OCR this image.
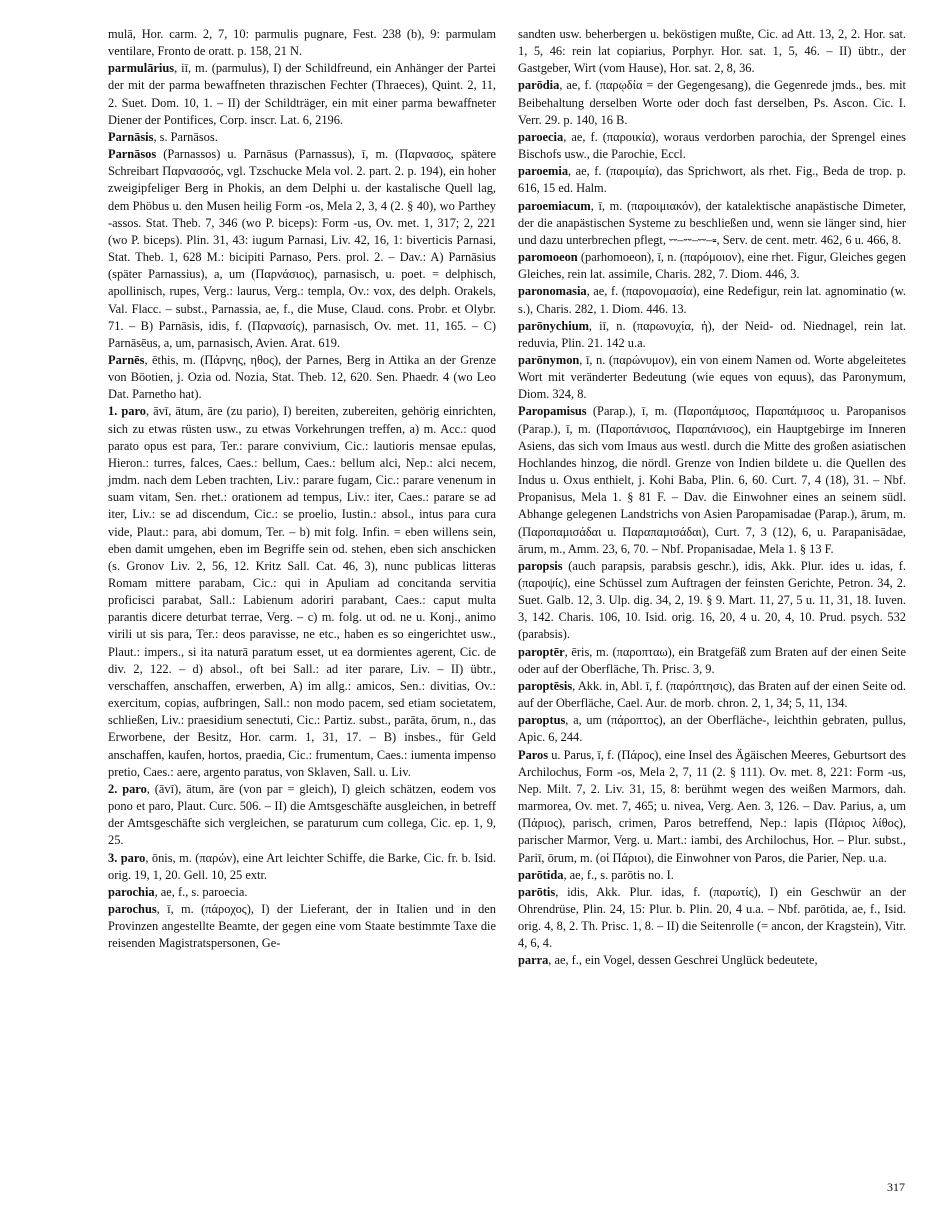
mulā, Hor. carm. 2, 7, 10: parmulis pugnare, Fest. 238 (b), 9: parmulam ventilare, Fronto de oratt. p. 158, 21 N.

parmulārius, iī, m. (parmulus), I) der Schildfreund, ein Anhänger der Partei der mit der parma bewaffneten thrazischen Fechter (Thraeces), Quint. 2, 11, 2. Suet. Dom. 10, 1. – II) der Schildträger, ein mit einer parma bewaffneter Diener der Pontifices, Corp. inscr. Lat. 6, 2196.

Parnāsis, s. Parnāsos.

Parnāsos (Parnassos) u. Parnāsus (Parnassus), ī, m. (Παρνασος, spätere Schreibart Παρνασσός, vgl. Tzschucke Mela vol. 2. part. 2. p. 194), ein hoher zweigipfeliger Berg in Phokis, an dem Delphi u. der kastalische Quell lag, dem Phöbus u. den Musen heilig Form -os, Mela 2, 3, 4 (2. § 40), wo Parthey -assos. Stat. Theb. 7, 346 (wo P. biceps): Form -us, Ov. met. 1, 317; 2, 221 (wo P. biceps). Plin. 31, 43: iugum Parnasi, Liv. 42, 16, 1: biverticis Parnasi, Stat. Theb. 1, 628 M.: bicipiti Parnaso, Pers. prol. 2. – Dav.: A) Parnāsius (später Parnassius), a, um (Παρνάσιος), parnasisch, u. poet. = delphisch, apollinisch, rupes, Verg.: laurus, Verg.: templa, Ov.: vox, des delph. Orakels, Val. Flacc. – subst., Parnassia, ae, f., die Muse, Claud. cons. Probr. et Olybr. 71. – B) Parnāsis, idis, f. (Παρνασίς), parnasisch, Ov. met. 11, 165. – C) Parnāsēus, a, um, parnasisch, Avien. Arat. 619.

Parnēs, ēthis, m. (Πάρνης, ηθος), der Parnes, Berg in Attika an der Grenze von Böotien, j. Ozia od. Nozia, Stat. Theb. 12, 620. Sen. Phaedr. 4 (wo Leo Dat. Parnetho hat).

1. paro, āvī, ātum, āre (zu pario), I) bereiten, zubereiten, gehörig einrichten, sich zu etwas rüsten usw., zu etwas Vorkehrungen treffen, a) m. Acc.: quod parato opus est para, Ter.: parare convivium, Cic.: lautioris mensae epulas, Hieron.: turres, falces, Caes.: bellum, Caes.: bellum alci, Nep.: alci necem, jmdm. nach dem Leben trachten, Liv.: parare fugam, Cic.: parare venenum in suam vitam, Sen. rhet.: orationem ad tempus, Liv.: iter, Caes.: parare se ad iter, Liv.: se ad discendum, Cic.: se proelio, Iustin.: absol., intus para cura vide, Plaut.: para, abi domum, Ter. – b) mit folg. Infin. = eben willens sein, eben damit umgehen, eben im Begriffe sein od. stehen, eben sich anschicken (s. Gronov Liv. 2, 56, 12. Kritz Sall. Cat. 46, 3), nunc publicas litteras Romam mittere parabam, Cic.: qui in Apuliam ad concitanda servitia proficisci parabat, Sall.: Labienum adoriri parabant, Caes.: caput multa parantis dicere deturbat terrae, Verg. – c) m. folg. ut od. ne u. Konj., animo virili ut sis para, Ter.: deos paravisse, ne etc., haben es so eingerichtet usw., Plaut.: impers., si ita naturā paratum esset, ut ea dormientes agerent, Cic. de div. 2, 122. – d) absol., oft bei Sall.: ad iter parare, Liv. – II) übtr., verschaffen, anschaffen, erwerben, A) im allg.: amicos, Sen.: divitias, Ov.: exercitum, copias, aufbringen, Sall.: non modo pacem, sed etiam societatem, schließen, Liv.: praesidium senectuti, Cic.: Partiz. subst., parāta, ōrum, n., das Erworbene, der Besitz, Hor. carm. 1, 31, 17. – B) insbes., für Geld anschaffen, kaufen, hortos, praedia, Cic.: frumentum, Caes.: iumenta impenso pretio, Caes.: aere, argento paratus, von Sklaven, Sall. u. Liv.

2. paro, (āvī), ātum, āre (von par = gleich), I) gleich schätzen, eodem vos pono et paro, Plaut. Curc. 506. – II) die Amtsgeschäfte ausgleichen, in betreff der Amtsgeschäfte sich vergleichen, se paraturum cum collega, Cic. ep. 1, 9, 25.

3. paro, ōnis, m. (παρών), eine Art leichter Schiffe, die Barke, Cic. fr. b. Isid. orig. 19, 1, 20. Gell. 10, 25 extr.

parochia, ae, f., s. paroecia.

parochus, ī, m. (πάροχος), I) der Lieferant, der in Italien und in den Provinzen angestellte Beamte, der gegen eine vom Staate bestimmte Taxe die reisenden Magistratspersonen, Ge-

sandten usw. beherbergen u. beköstigen mußte, Cic. ad Att. 13, 2, 2. Hor. sat. 1, 5, 46: rein lat copiarius, Porphyr. Hor. sat. 1, 5, 46. – II) übtr., der Gastgeber, Wirt (vom Hause), Hor. sat. 2, 8, 36.

parōdia, ae, f. (παρῳδία = der Gegengesang), die Gegenrede jmds., bes. mit Beibehaltung derselben Worte oder doch fast derselben, Ps. Ascon. Cic. I. Verr. 29. p. 140, 16 B.

paroecia, ae, f. (παροικία), woraus verdorben parochia, der Sprengel eines Bischofs usw., die Parochie, Eccl.

paroemia, ae, f. (παροιμία), das Sprichwort, als rhet. Fig., Beda de trop. p. 616, 15 ed. Halm.

paroemiacum, ī, m. (παροιμιακόν), der katalektische anapästische Dimeter, der die anapästischen Systeme zu beschließen und, wenn sie länger sind, hier und dazu unterbrechen pflegt, ⏑⏑‒⏑⏑‒⏑⏑‒⏓, Serv. de cent. metr. 462, 6 u. 466, 8.

paromoeon (parhomoeon), ī, n. (παρόμοιον), eine rhet. Figur, Gleiches gegen Gleiches, rein lat. assimile, Charis. 282, 7. Diom. 446, 3.

paronomasia, ae, f. (παρονομασία), eine Redefigur, rein lat. agnominatio (w. s.), Charis. 282, 1. Diom. 446. 13.

parōnychium, iī, n. (παρωνυχία, ἡ), der Neid- od. Niednagel, rein lat. reduvia, Plin. 21. 142 u.a.

parōnymon, ī, n. (παρώνυμον), ein von einem Namen od. Worte abgeleitetes Wort mit veränderter Bedeutung (wie eques von equus), das Paronymum, Diom. 324, 8.

Paropamisus (Parap.), ī, m. (Παροπάμισος, Παραπάμισος u. Paropanisos (Parap.), ī, m. (Παροπάνισος, Παραπάνισος), ein Hauptgebirge im Inneren Asiens, das sich vom Imaus aus westl. durch die Mitte des großen asiatischen Hochlandes hinzog, die nördl. Grenze von Indien bildete u. die Quellen des Indus u. Oxus enthielt, j. Kohi Baba, Plin. 6, 60. Curt. 7, 4 (18), 31. – Nbf. Propanisus, Mela 1. § 81 F. – Dav. die Einwohner eines an seinem südl. Abhange gelegenen Landstrichs von Asien Paropamisadae (Parap.), ārum, m. (Παροπαμισάδαι u. Παραπαμισάδαι), Curt. 7, 3 (12), 6, u. Parapanisādae, ārum, m., Amm. 23, 6, 70. – Nbf. Propanisadae, Mela 1. § 13 F.

paropsis (auch parapsis, parabsis geschr.), idis, Akk. Plur. ides u. idas, f. (παροψίς), eine Schüssel zum Auftragen der feinsten Gerichte, Petron. 34, 2. Suet. Galb. 12, 3. Ulp. dig. 34, 2, 19. § 9. Mart. 11, 27, 5 u. 11, 31, 18. Iuven. 3, 142. Charis. 106, 10. Isid. orig. 16, 20, 4 u. 20, 4, 10. Prud. psych. 532 (parabsis).

paroptēr, ēris, m. (παροπταω), ein Bratgefäß zum Braten auf der einen Seite oder auf der Oberfläche, Th. Prisc. 3, 9.

paroptēsis, Akk. in, Abl. ī, f. (παρόπτησις), das Braten auf der einen Seite od. auf der Oberfläche, Cael. Aur. de morb. chron. 2, 1, 34; 5, 11, 134.

paroptus, a, um (πάροπτος), an der Oberfläche-, leichthin gebraten, pullus, Apic. 6, 244.

Paros u. Parus, ī, f. (Πάρος), eine Insel des Ägäischen Meeres, Geburtsort des Archilochus, Form -os, Mela 2, 7, 11 (2. § 111). Ov. met. 8, 221: Form -us, Nep. Milt. 7, 2. Liv. 31, 15, 8: berühmt wegen des weißen Marmors, dah. marmorea, Ov. met. 7, 465; u. nivea, Verg. Aen. 3, 126. – Dav. Parius, a, um (Πάριος), parisch, crimen, Paros betreffend, Nep.: lapis (Πάριος λίθος), parischer Marmor, Verg. u. Mart.: iambi, des Archilochus, Hor. – Plur. subst., Pariī, ōrum, m. (οἱ Πάριοι), die Einwohner von Paros, die Parier, Nep. u.a.

parōtida, ae, f., s. parōtis no. I.

parōtis, idis, Akk. Plur. idas, f. (παρωτίς), I) ein Geschwür an der Ohrendrüse, Plin. 24, 15: Plur. b. Plin. 20, 4 u.a. – Nbf. parōtida, ae, f., Isid. orig. 4, 8, 2. Th. Prisc. 1, 8. – II) die Seitenrolle (= ancon, der Kragstein), Vitr. 4, 6, 4.

parra, ae, f., ein Vogel, dessen Geschrei Unglück bedeutete,

317
